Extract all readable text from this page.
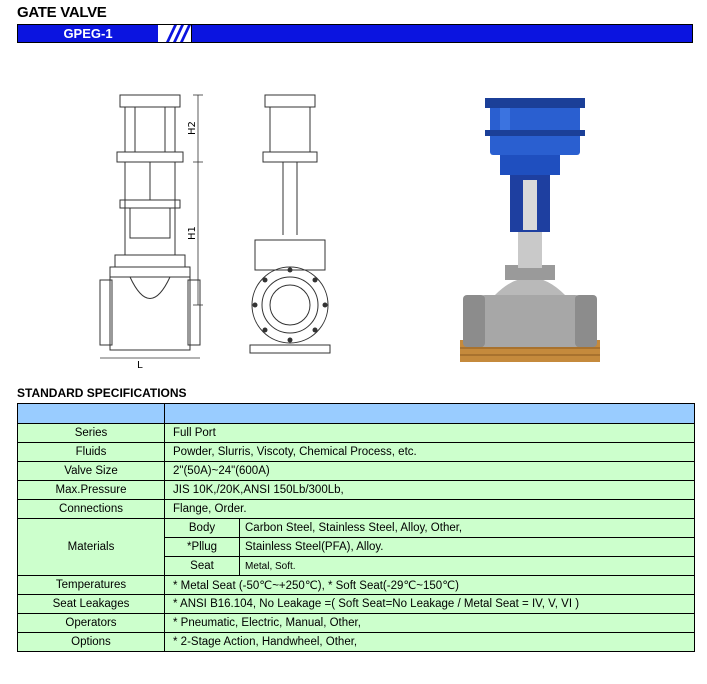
GATE VALVE
GPEG-1
H2
H1
L
STANDARD SPECIFICATIONS

Series	Full Port	
Fluids	Powder, Slurris, Viscoty, Chemical Process, etc.	
Valve Size	2"(50A)~24"(600A)	
Max.Pressure	JIS 10K,/20K,ANSI 150Lb/300Lb,	
Connections	Flange, Order.	
Materials	Body	Carbon Steel, Stainless Steel, Alloy, Other,
	*Pllug	Stainless Steel(PFA), Alloy.
	Seat	Metal, Soft.
Temperatures	* Metal Seat (-50℃~+250℃), * Soft Seat(-29℃~150℃)	
Seat Leakages	* ANSI B16.104, No Leakage =( Soft Seat=No Leakage / Metal Seat = IV, V, VI )	
Operators	* Pneumatic, Electric, Manual, Other,	
Options	* 2-Stage Action, Handwheel, Other,	
